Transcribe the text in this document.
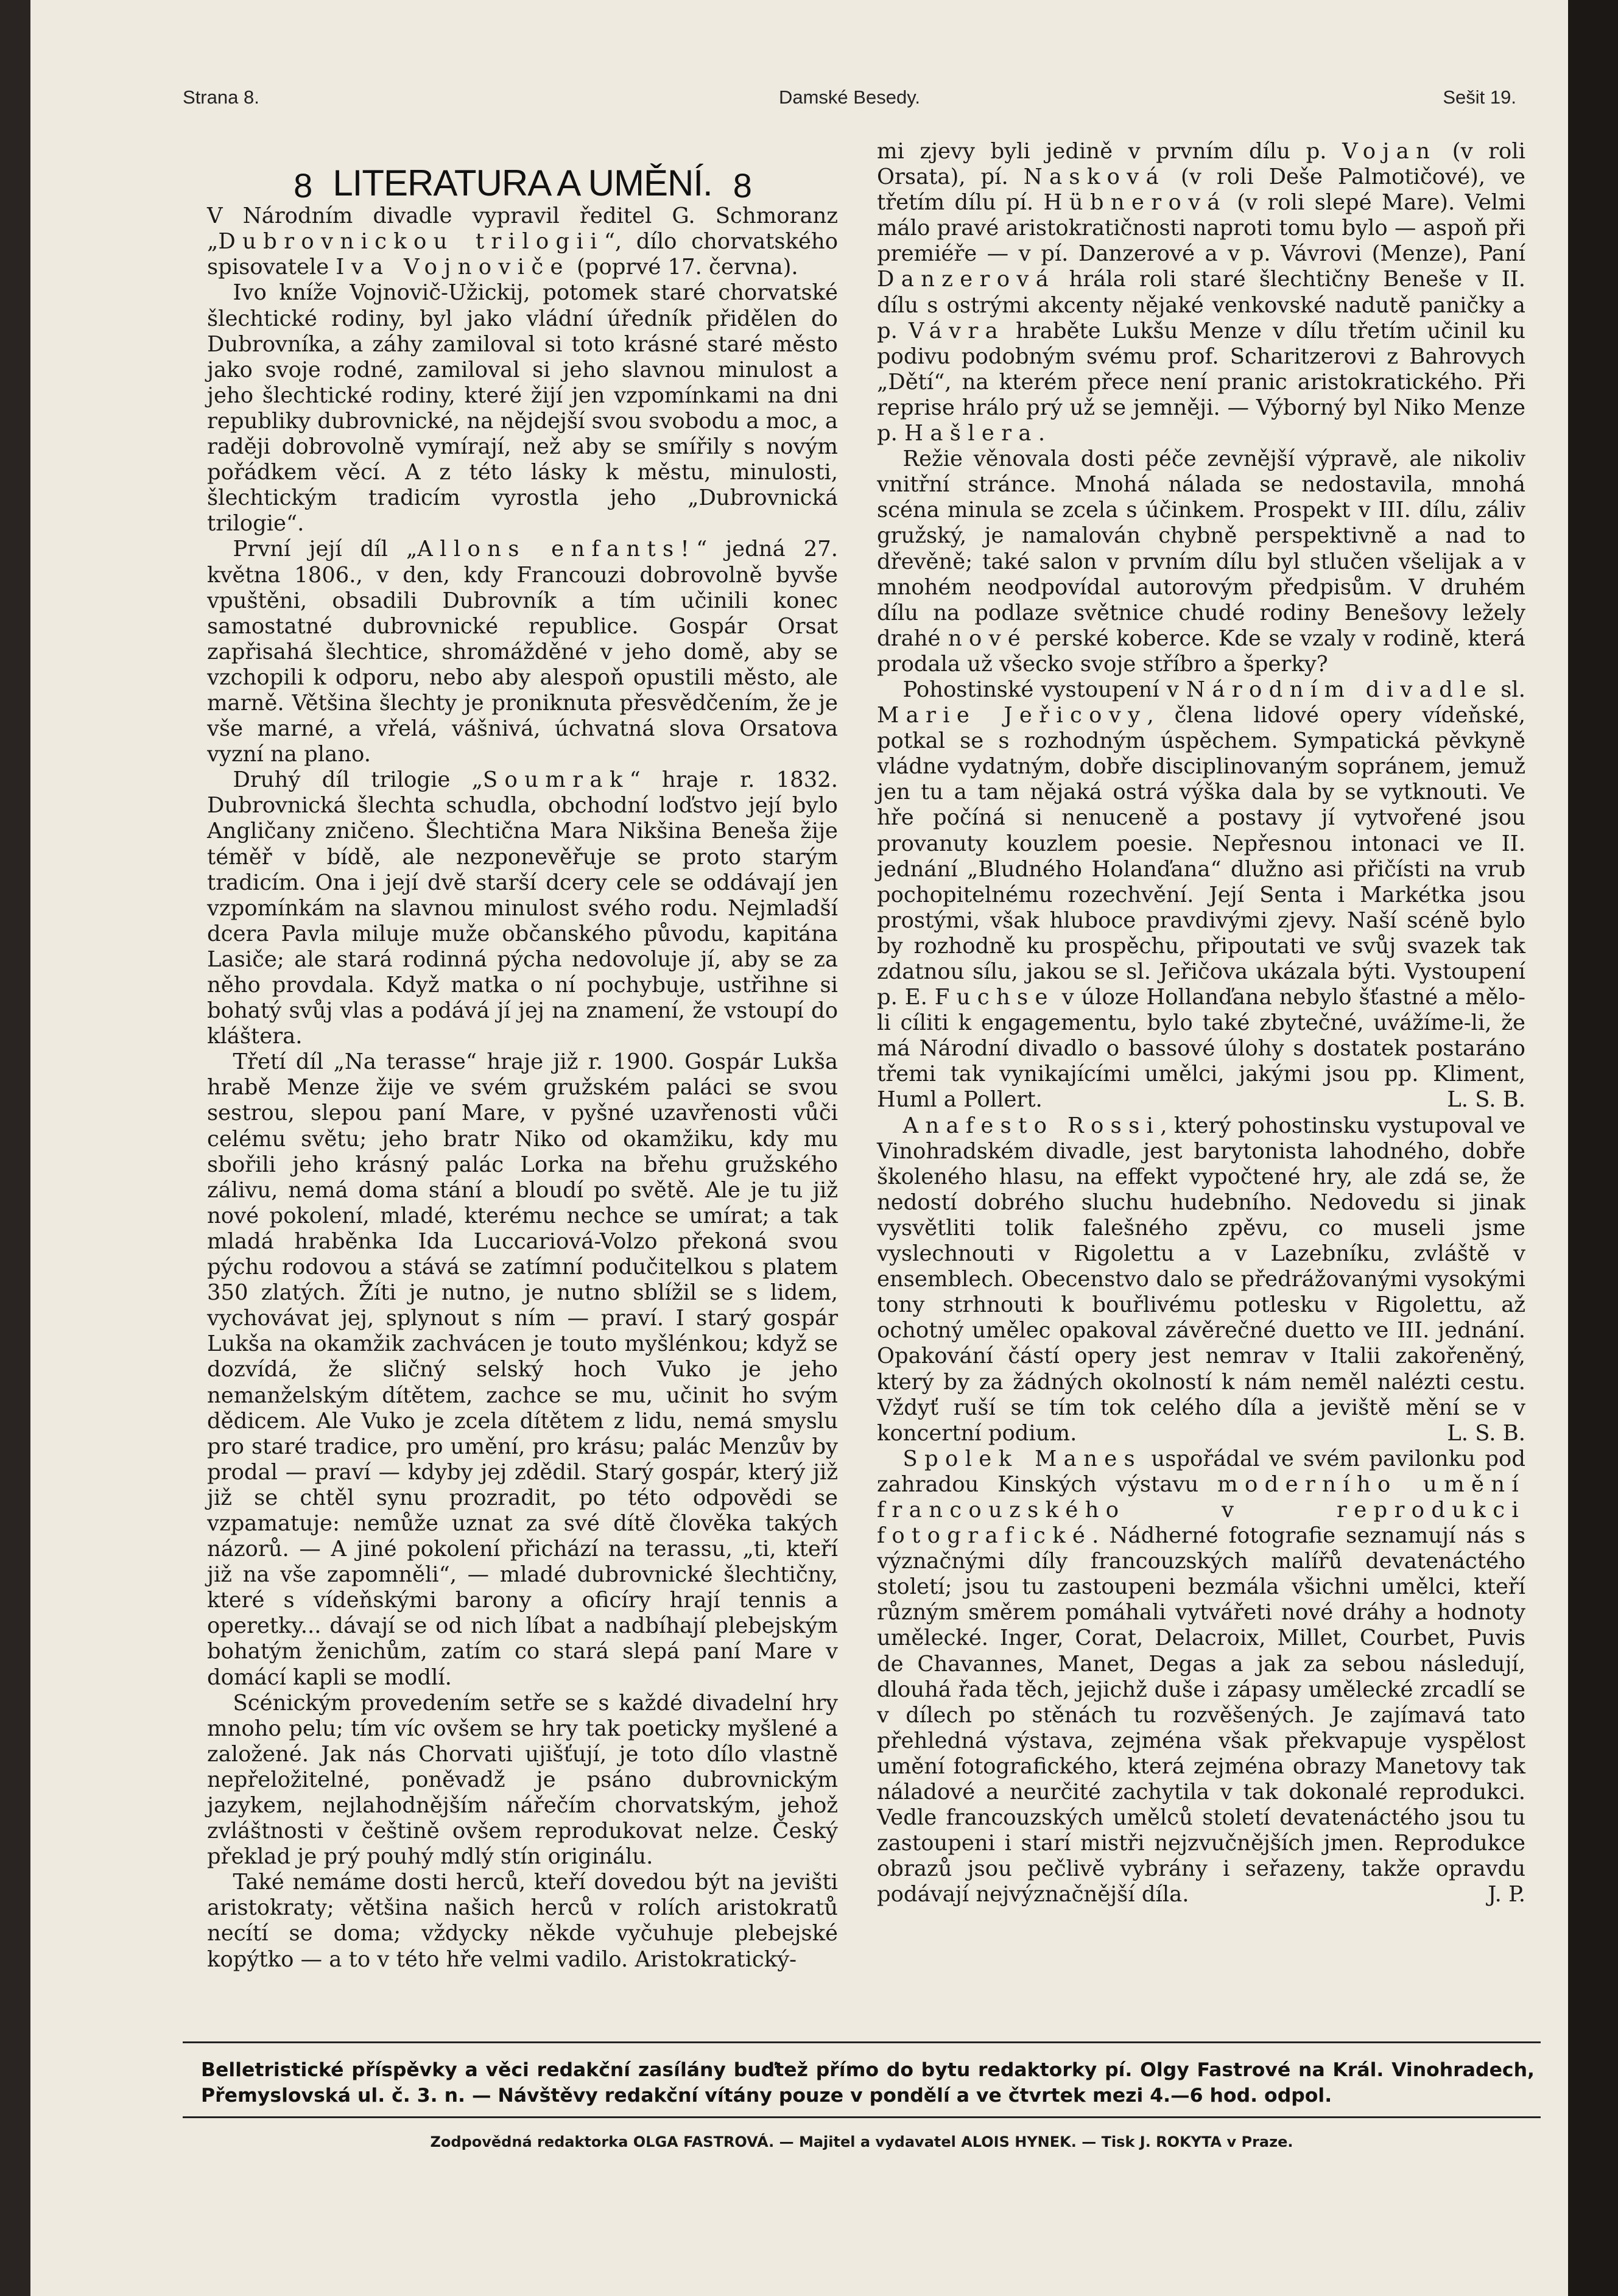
Strana 8.	Damské Besedy.	Sešit 19.
8 LITERATURA A UMĚNÍ. 8

V Národním divadle vypravil ředitel G. Schmoranz „Dubrovnickou trilogii“, dílo chorvatského spisovatele Iva Vojnoviče (poprvé 17. června).

Ivo kníže Vojnovič-Užickij, potomek staré chorvatské šlechtické rodiny, byl jako vládní úředník přidělen do Dubrovníka, a záhy zamiloval si toto krásné staré město jako svoje rodné, zamiloval si jeho slavnou minulost a jeho šlechtické rodiny, které žijí jen vzpomínkami na dni republiky dubrovnické, na nějdejší svou svobodu a moc, a raději dobrovolně vymírají, než aby se smířily s novým pořádkem věcí. A z této lásky k městu, minulosti, šlechtickým tradicím vyrostla jeho „Dubrovnická trilogie“.

První její díl „Allons enfants!“ jedná 27. května 1806., v den, kdy Francouzi dobrovolně byvše vpuštěni, obsadili Dubrovník a tím učinili konec samostatné dubrovnické republice. Gospár Orsat zapřisahá šlechtice, shromážděné v jeho domě, aby se vzchopili k odporu, nebo aby alespoň opustili město, ale marně. Většina šlechty je proniknuta přesvědčením, že je vše marné, a vřelá, vášnivá, úchvatná slova Orsatova vyzní na plano.

Druhý díl trilogie „Soumrak“ hraje r. 1832. Dubrovnická šlechta schudla, obchodní loďstvo její bylo Angličany zničeno. Šlechtična Mara Nikšina Beneša žije téměř v bídě, ale nezponevěřuje se proto starým tradicím. Ona i její dvě starší dcery cele se oddávají jen vzpomínkám na slavnou minulost svého rodu. Nejmladší dcera Pavla miluje muže občanského původu, kapitána Lasiče; ale stará rodinná pýcha nedovoluje jí, aby se za něho provdala. Když matka o ní pochybuje, ustřihne si bohatý svůj vlas a podává jí jej na znamení, že vstoupí do kláštera.

Třetí díl „Na terasse“ hraje již r. 1900. Gospár Lukša hrabě Menze žije ve svém gružském paláci se svou sestrou, slepou paní Mare, v pyšné uzavřenosti vůči celému světu; jeho bratr Niko od okamžiku, kdy mu sbořili jeho krásný palác Lorka na břehu gružského zálivu, nemá doma stání a bloudí po světě. Ale je tu již nové pokolení, mladé, kterému nechce se umírat; a tak mladá hraběnka Ida Luccariová-Volzo překoná svou pýchu rodovou a stává se zatímní podučitelkou s platem 350 zlatých. Žíti je nutno, je nutno sblížil se s lidem, vychovávat jej, splynout s ním — praví. I starý gospár Lukša na okamžik zachvácen je touto myšlénkou; když se dozvídá, že sličný selský hoch Vuko je jeho nemanželským dítětem, zachce se mu, učinit ho svým dědicem. Ale Vuko je zcela dítětem z lidu, nemá smyslu pro staré tradice, pro umění, pro krásu; palác Menzův by prodal — praví — kdyby jej zdědil. Starý gospár, který již již se chtěl synu prozradit, po této odpovědi se vzpamatuje: nemůže uznat za své dítě člověka takých názorů. — A jiné pokolení přichází na terassu, „ti, kteří již na vše zapomněli“, — mladé dubrovnické šlechtičny, které s vídeňskými barony a oficíry hrají tennis a operetky... dávají se od nich líbat a nadbíhají plebejským bohatým ženichům, zatím co stará slepá paní Mare v domácí kapli se modlí.

Scénickým provedením setře se s každé divadelní hry mnoho pelu; tím víc ovšem se hry tak poeticky myšlené a založené. Jak nás Chorvati ujišťují, je toto dílo vlastně nepřeložitelné, poněvadž je psáno dubrovnickým jazykem, nejlahodnějším nářečím chorvatským, jehož zvláštnosti v češtině ovšem reprodukovat nelze. Český překlad je prý pouhý mdlý stín originálu.

Také nemáme dosti herců, kteří dovedou být na jevišti aristokraty; většina našich herců v rolích aristokratů necítí se doma; vždycky někde vyčuhuje plebejské kopýtko — a to v této hře velmi vadilo. Aristokratický-

mi zjevy byli jedině v prvním dílu p. Vojan (v roli Orsata), pí. Nasková (v roli Deše Palmotičové), ve třetím dílu pí. Hübnerová (v roli slepé Mare). Velmi málo pravé aristokratičnosti naproti tomu bylo — aspoň při premiéře — v pí. Danzerové a v p. Vávrovi (Menze), Paní Danzerová hrála roli staré šlechtičny Beneše v II. dílu s ostrými akcenty nějaké venkovské nadutě paničky a p. Vávra hraběte Lukšu Menze v dílu třetím učinil ku podivu podobným svému prof. Scharitzerovi z Bahrovych „Dětí“, na kterém přece není pranic aristokratického. Při reprise hrálo prý už se jemněji. — Výborný byl Niko Menze p. Hašlera.

Režie věnovala dosti péče zevnější výpravě, ale nikoliv vnitřní stránce. Mnohá nálada se nedostavila, mnohá scéna minula se zcela s účinkem. Prospekt v III. dílu, záliv gružský, je namalován chybně perspektivně a nad to dřevěně; také salon v prvním dílu byl stlučen všelijak a v mnohém neodpovídal autorovým předpisům. V druhém dílu na podlaze světnice chudé rodiny Benešovy ležely drahé nové perské koberce. Kde se vzaly v rodině, která prodala už všecko svoje stříbro a šperky?

Pohostinské vystoupení v Národním divadle sl. Marie Jeřicovy, člena lidové opery vídeňské, potkal se s rozhodným úspěchem. Sympatická pěvkyně vládne vydatným, dobře disciplinovaným sopránem, jemuž jen tu a tam nějaká ostrá výška dala by se vytknouti. Ve hře počíná si nenuceně a postavy jí vytvořené jsou provanuty kouzlem poesie. Nepřesnou intonaci ve II. jednání „Bludného Holanďana“ dlužno asi přičísti na vrub pochopitelnému rozechvění. Její Senta i Markétka jsou prostými, však hluboce pravdivými zjevy. Naší scéně bylo by rozhodně ku prospěchu, připoutati ve svůj svazek tak zdatnou sílu, jakou se sl. Jeřičova ukázala býti. Vystoupení p. E. Fuchse v úloze Hollanďana nebylo šťastné a mělo-li cíliti k engagementu, bylo také zbytečné, uvážíme-li, že má Národní divadlo o bassové úlohy s dostatek postaráno třemi tak vynikajícími umělci, jakými jsou pp. Kliment, Huml a Pollert.	L. S. B.

Anafesto Rossi, který pohostinsku vystupoval ve Vinohradském divadle, jest barytonista lahodného, dobře školeného hlasu, na effekt vypočtené hry, ale zdá se, že nedostí dobrého sluchu hudebního. Nedovedu si jinak vysvětliti tolik falešného zpěvu, co museli jsme vyslechnouti v Rigolettu a v Lazebníku, zvláště v ensemblech. Obecenstvo dalo se předrážovanými vysokými tony strhnouti k bouřlivému potlesku v Rigolettu, až ochotný umělec opakoval závěrečné duetto ve III. jednání. Opakování částí opery jest nemrav v Italii zakořeněný, který by za žádných okolností k nám neměl nalézti cestu. Vždyť ruší se tím tok celého díla a jeviště mění se v koncertní podium.	L. S. B.

Spolek Manes uspořádal ve svém pavilonku pod zahradou Kinských výstavu moderního umění francouzského v reprodukci fotografické. Nádherné fotografie seznamují nás s význačnými díly francouzských malířů devatenáctého století; jsou tu zastoupeni bezmála všichni umělci, kteří různým směrem pomáhali vytvářeti nové dráhy a hodnoty umělecké. Inger, Corat, Delacroix, Millet, Courbet, Puvis de Chavannes, Manet, Degas a jak za sebou následují, dlouhá řada těch, jejichž duše i zápasy umělecké zrcadlí se v dílech po stěnách tu rozvěšených. Je zajímavá tato přehledná výstava, zejména však překvapuje vyspělost umění fotografického, která zejména obrazy Manetovy tak náladové a neurčité zachytila v tak dokonalé reprodukci. Vedle francouzských umělců století devatenáctého jsou tu zastoupeni i starí mistři nejzvučnějších jmen. Reprodukce obrazů jsou pečlivě vybrány i seřazeny, takže opravdu podávají nejvýznačnější díla.	J. P.

Belletristické příspěvky a věci redakční zasílány buďtež přímo do bytu redaktorky pí. Olgy Fastrové na Král. Vinohradech, Přemyslovská ul. č. 3. n. — Návštěvy redakční vítány pouze v pondělí a ve čtvrtek mezi 4.—6 hod. odpol.
Zodpovědná redaktorka OLGA FASTROVÁ. — Majitel a vydavatel ALOIS HYNEK. — Tisk J. ROKYTA v Praze.
